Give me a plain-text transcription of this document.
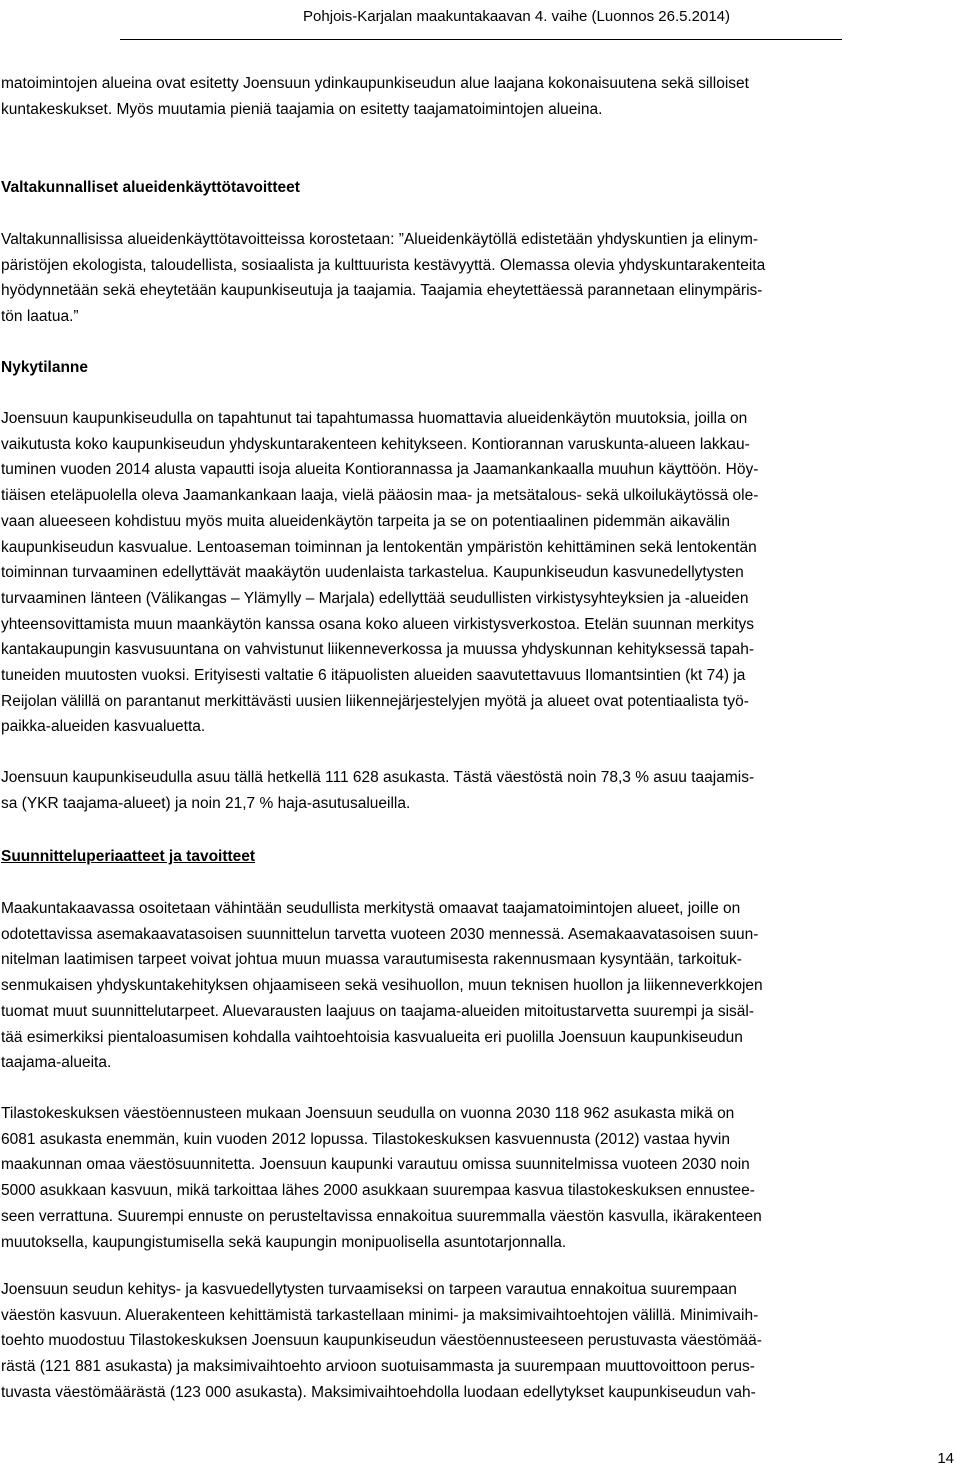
Pohjois-Karjalan maakuntakaavan 4. vaihe (Luonnos 26.5.2014)

matoimintojen alueina ovat esitetty Joensuun ydinkaupunkiseudun alue laajana kokonaisuutena sekä silloiset
kuntakeskukset. Myös muutamia pieniä taajamia on esitetty taajamatoimintojen alueina.

Valtakunnalliset alueidenkäyttötavoitteet

Valtakunnallisissa alueidenkäyttötavoitteissa korostetaan: ”Alueidenkäytöllä edistetään yhdyskuntien ja elinym-
päristöjen ekologista, taloudellista, sosiaalista ja kulttuurista kestävyyttä. Olemassa olevia yhdyskuntarakenteita
hyödynnetään sekä eheytetään kaupunkiseutuja ja taajamia. Taajamia eheytettäessä parannetaan elinympäris-
tön laatua.”

Nykytilanne

Joensuun kaupunkiseudulla on tapahtunut tai tapahtumassa huomattavia alueidenkäytön muutoksia, joilla on
vaikutusta koko kaupunkiseudun yhdyskuntarakenteen kehitykseen. Kontiorannan varuskunta-alueen lakkau-
tuminen vuoden 2014 alusta vapautti isoja alueita Kontiorannassa ja Jaamankankaalla muuhun käyttöön. Höy-
tiäisen eteläpuolella oleva Jaamankankaan laaja, vielä pääosin maa- ja metsätalous- sekä ulkoilukäytössä ole-
vaan alueeseen kohdistuu myös muita alueidenkäytön tarpeita ja se on potentiaalinen pidemmän aikavälin
kaupunkiseudun kasvualue. Lentoaseman toiminnan ja lentokentän ympäristön kehittäminen sekä lentokentän
toiminnan turvaaminen edellyttävät maakäytön uudenlaista tarkastelua. Kaupunkiseudun kasvunedellytysten
turvaaminen länteen (Välikangas – Ylämylly – Marjala) edellyttää seudullisten virkistysyhteyksien ja -alueiden
yhteensovittamista muun maankäytön kanssa osana koko alueen virkistysverkostoa. Etelän suunnan merkitys
kantakaupungin kasvusuuntana on vahvistunut liikenneverkossa ja muussa yhdyskunnan kehityksessä tapah-
tuneiden muutosten vuoksi. Erityisesti valtatie 6 itäpuolisten alueiden saavutettavuus Ilomantsintien (kt 74) ja
Reijolan välillä on parantanut merkittävästi uusien liikennejärjestelyjen myötä ja alueet ovat potentiaalista työ-
paikka-alueiden kasvualuetta.

Joensuun kaupunkiseudulla asuu tällä hetkellä 111 628 asukasta. Tästä väestöstä noin 78,3 % asuu taajamis-
sa (YKR taajama-alueet) ja noin 21,7 % haja-asutusalueilla.

Suunnitteluperiaatteet ja tavoitteet

Maakuntakaavassa osoitetaan vähintään seudullista merkitystä omaavat taajamatoimintojen alueet, joille on
odotettavissa asemakaavatasoisen suunnittelun tarvetta vuoteen 2030 mennessä. Asemakaavatasoisen suun-
nitelman laatimisen tarpeet voivat johtua muun muassa varautumisesta rakennusmaan kysyntään, tarkoituk-
senmukaisen yhdyskuntakehityksen ohjaamiseen sekä vesihuollon, muun teknisen huollon ja liikenneverkkojen
tuomat muut suunnittelutarpeet. Aluevarausten laajuus on taajama-alueiden mitoitustarvetta suurempi ja sisäl-
tää esimerkiksi pientaloasumisen kohdalla vaihtoehtoisia kasvualueita eri puolilla Joensuun kaupunkiseudun
taajama-alueita.

Tilastokeskuksen väestöennusteen mukaan Joensuun seudulla on vuonna 2030 118 962 asukasta mikä on
6081 asukasta enemmän, kuin vuoden 2012 lopussa. Tilastokeskuksen kasvuennusta (2012) vastaa hyvin
maakunnan omaa väestösuunnitetta. Joensuun kaupunki varautuu omissa suunnitelmissa vuoteen 2030 noin
5000 asukkaan kasvuun, mikä tarkoittaa lähes 2000 asukkaan suurempaa kasvua tilastokeskuksen ennustee-
seen verrattuna. Suurempi ennuste on perusteltavissa ennakoitua suuremmalla väestön kasvulla, ikärakenteen
muutoksella, kaupungistumisella sekä kaupungin monipuolisella asuntotarjonnalla.

Joensuun seudun kehitys- ja kasvuedellytysten turvaamiseksi on tarpeen varautua ennakoitua suurempaan
väestön kasvuun. Aluerakenteen kehittämistä tarkastellaan minimi- ja maksimivaihtoehtojen välillä. Minimivaih-
toehto muodostuu Tilastokeskuksen Joensuun kaupunkiseudun väestöennusteeseen perustuvasta väestömää-
rästä (121 881 asukasta) ja maksimivaihtoehto arvioon suotuisammasta ja suurempaan muuttovoittoon perus-
tuvasta väestömäärästä (123 000 asukasta). Maksimivaihtoehdolla luodaan edellytykset kaupunkiseudun vah-

14
